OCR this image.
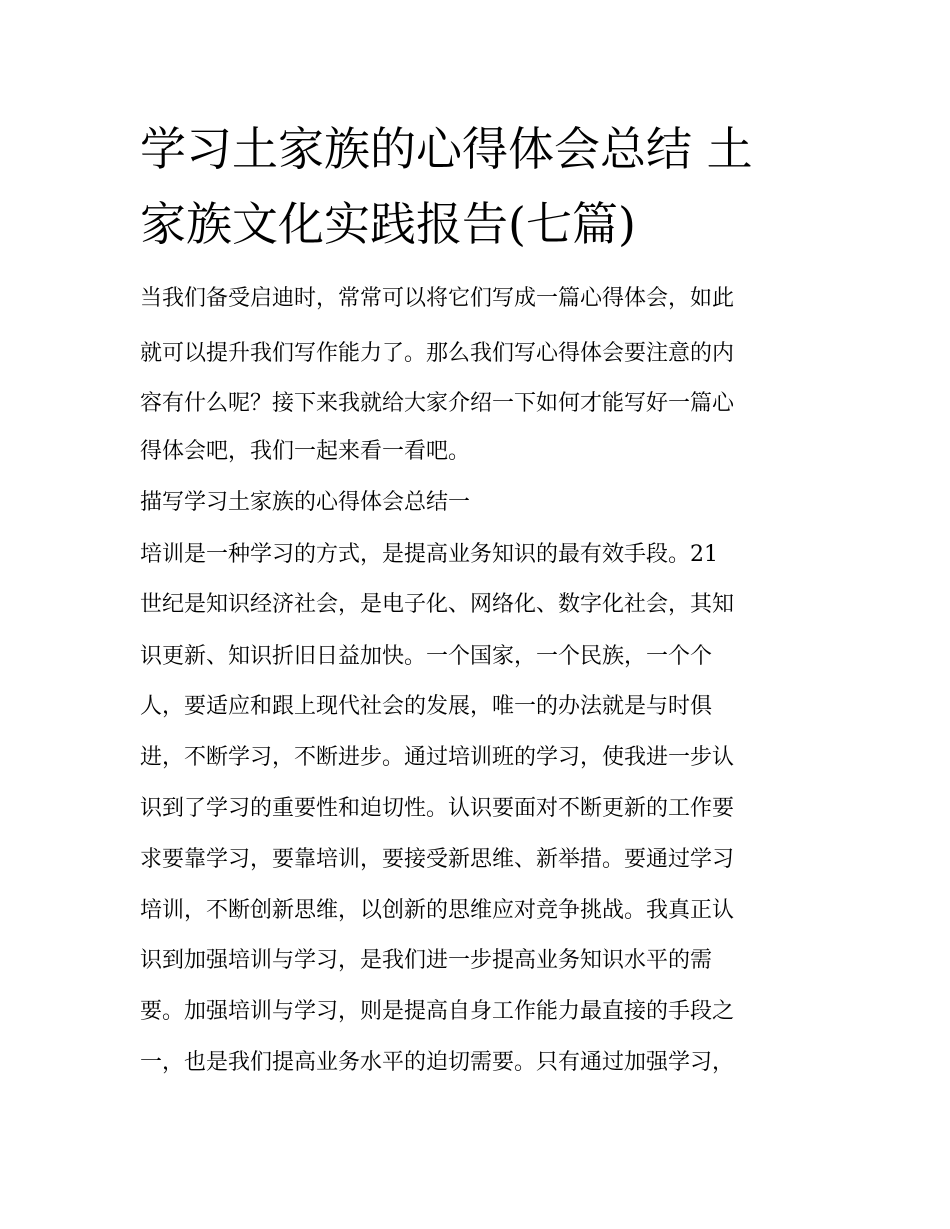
学习土家族的心得体会总结 土
家族文化实践报告(七篇)

当我们备受启迪时，常常可以将它们写成一篇心得体会，如此

就可以提升我们写作能力了。那么我们写心得体会要注意的内

容有什么呢？接下来我就给大家介绍一下如何才能写好一篇心

得体会吧，我们一起来看一看吧。

描写学习土家族的心得体会总结一

培训是一种学习的方式，是提高业务知识的最有效手段。21

世纪是知识经济社会，是电子化、网络化、数字化社会，其知

识更新、知识折旧日益加快。一个国家，一个民族，一个个

人，要适应和跟上现代社会的发展，唯一的办法就是与时俱

进，不断学习，不断进步。通过培训班的学习，使我进一步认

识到了学习的重要性和迫切性。认识要面对不断更新的工作要

求要靠学习，要靠培训，要接受新思维、新举措。要通过学习

培训，不断创新思维，以创新的思维应对竞争挑战。我真正认

识到加强培训与学习，是我们进一步提高业务知识水平的需

要。加强培训与学习，则是提高自身工作能力最直接的手段之

一，也是我们提高业务水平的迫切需要。只有通过加强学习，
